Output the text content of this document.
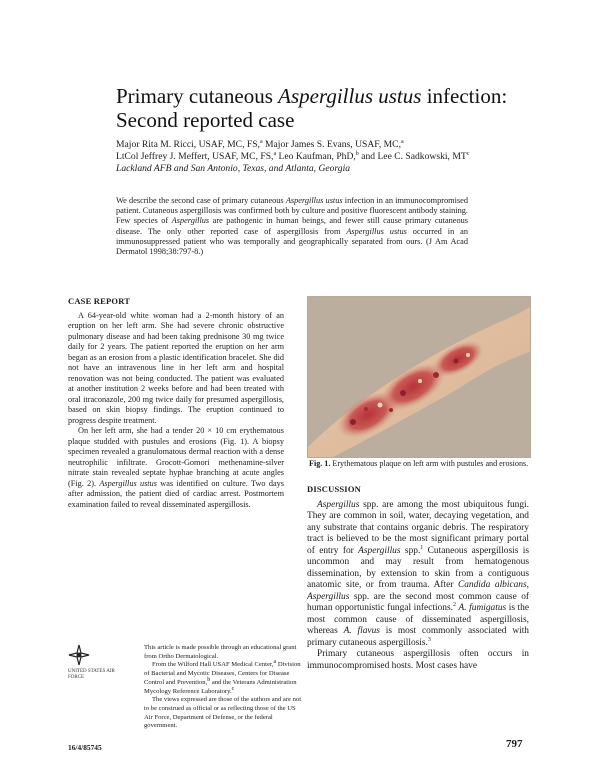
Primary cutaneous Aspergillus ustus infection:
Second reported case
Major Rita M. Ricci, USAF, MC, FS,$^a$ Major James S. Evans, USAF, MC,$^a$
LtCol Jeffrey J. Meffert, USAF, MC, FS,$^a$ Leo Kaufman, PhD,$^b$ and Lee C. Sadkowski, $MT^c$
Lackland AFB and San Antonio, Texas, and Atlanta, Georgia
We describe the second case of primary cutaneous Aspergillus ustus infection in an immunocompromised patient. Cutaneous aspergillosis was confirmed both by culture and positive fluorescent antibody staining. Few species of Aspergillus are pathogenic in human beings, and fewer still cause primary cutaneous disease. The only other reported case of aspergillosis from Aspergillus ustus occurred in an immunosuppressed patient who was temporally and geographically separated from ours. (J Am Acad Dermatol 1998;38:797-8.)
CASE REPORT

A 64-year-old white woman had a 2-month history of an eruption on her left arm. She had severe chronic obstructive pulmonary disease and had been taking prednisone 30 mg twice daily for 2 years. The patient reported the eruption on her arm began as an erosion from a plastic identification bracelet. She did not have an intravenous line in her left arm and hospital renovation was not being conducted. The patient was evaluated at another institution 2 weeks before and had been treated with oral itraconazole, 200 mg twice daily for presumed aspergillosis, based on skin biopsy findings. The eruption continued to progress despite treatment.

On her left arm, she had a tender 20 × 10 cm erythematous plaque studded with pustules and erosions (Fig. 1). A biopsy specimen revealed a granulomatous dermal reaction with a dense neutrophilic infiltrate. Grocott-Gomori methenamine-silver nitrate stain revealed septate hyphae branching at acute angles (Fig. 2). Aspergillus ustus was identified on culture. Two days after admission, the patient died of cardiac arrest. Postmortem examination failed to reveal disseminated aspergillosis.

Fig. 1. Erythematous plaque on left arm with pustules and erosions.
DISCUSSION

Aspergillus spp. are among the most ubiquitous fungi. They are common in soil, water, decaying vegetation, and any substrate that contains organic debris. The respiratory tract is believed to be the most significant primary portal of entry for Aspergillus spp.$^1$ Cutaneous aspergillosis is uncommon and may result from hematogenous dissemination, by extension to skin from a contiguous anatomic site, or from trauma. After Candida albicans, Aspergillus spp. are the second most common cause of human opportunistic fungal infections.$^2$ A. fumigatus is the most common cause of disseminated aspergillosis, whereas A. flavus is most commonly associated with primary cutaneous aspergillosis.$^3$

Primary cutaneous aspergillosis often occurs in immunocompromised hosts. Most cases have

UNITED STATES AIR FORCE

This article is made possible through an educational grant from Ortho Dermatological.

From the Wilford Hall USAF Medical Center,$^a$ Division of Bacterial and Mycotic Diseases, Centers for Disease Control and Prevention,$^b$ and the Veterans Administration Mycology Reference Laboratory.$^c$

The views expressed are those of the authors and are not to be construed as official or as reflecting those of the US Air Force, Department of Defense, or the federal government.

16/4/85745	797
